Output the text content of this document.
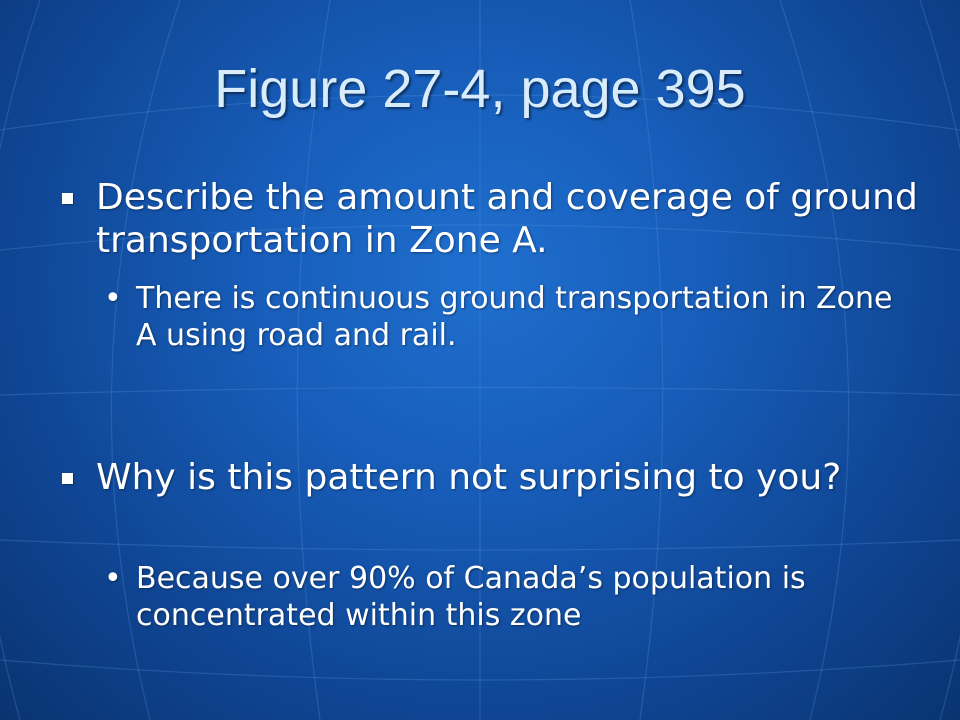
Figure 27-4, page 395
Describe the amount and coverage of ground transportation in Zone A.
• There is continuous ground transportation in Zone A using road and rail.
Why is this pattern not surprising to you?
• Because over 90% of Canada’s population is concentrated within this zone
